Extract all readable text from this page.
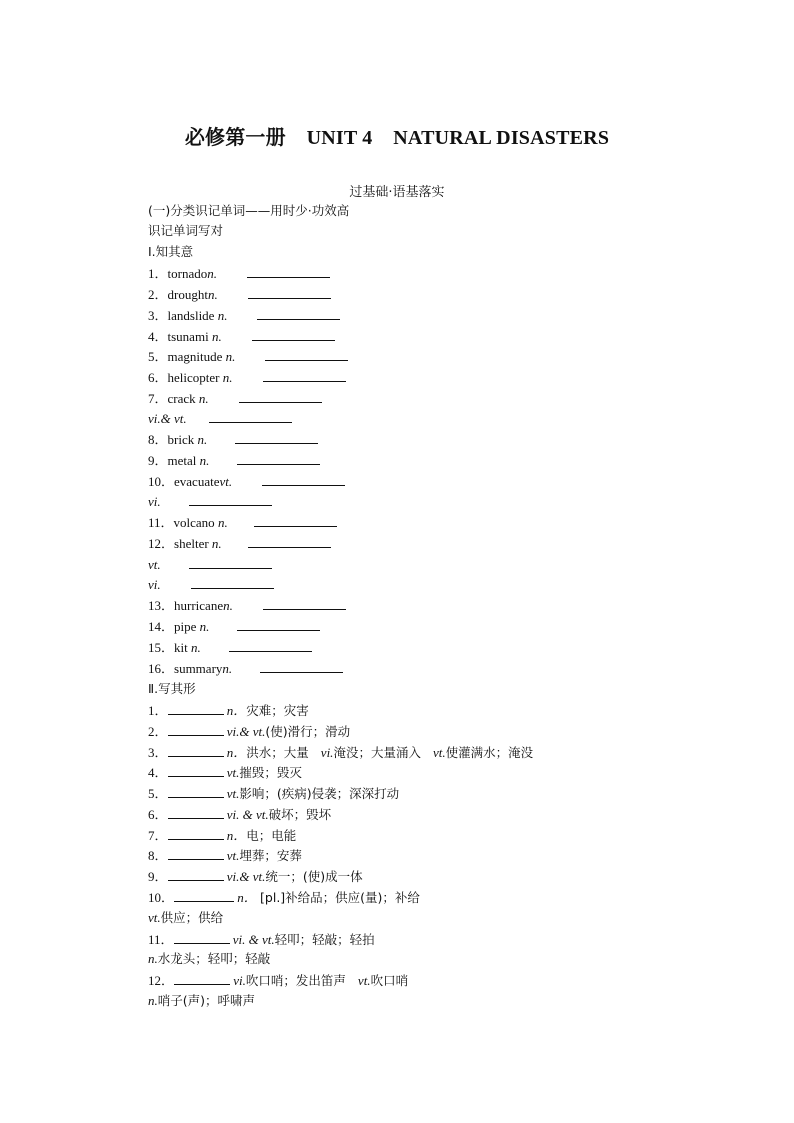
必修第一册    UNIT 4    NATURAL DISASTERS
过基础·语基落实
(一)分类识记单词——用时少·功效高
识记单词写对
Ⅰ.知其意
1．tornadon.
2．droughtn.
3．landslide n.
4．tsunami n.
5．magnitude n.
6．helicopter n.
7．crack n.
vi.& vt.
8．brick n.
9．metal n.
10．evacuatevt.
vi.
11．volcano n.
12．shelter n.
vt.
vi.
13．hurricanen.
14．pipe n.
15．kit n.
16．summaryn.
Ⅱ.写其形
1．	n．灾难；灾害
2．	vi.& vt.(使)滑行；滑动
3．	n．洪水；大量 vi.淹没；大量涌入 vt.使灌满水；淹没
4．	vt.摧毁；毁灭
5．	vt.影响；(疾病)侵袭；深深打动
6．	vi. & vt.破坏；毁坏
7．	n．电；电能
8．	vt.埋葬；安葬
9．	vi.& vt.统一；(使)成一体
10．	n． [pl.]补给品；供应(量)；补给
vt.供应；供给
11．	vi. & vt.轻叩；轻敲；轻拍
n.水龙头；轻叩；轻敲
12．	vi.吹口哨；发出笛声 vt.吹口哨
n.哨子(声)；呼啸声
